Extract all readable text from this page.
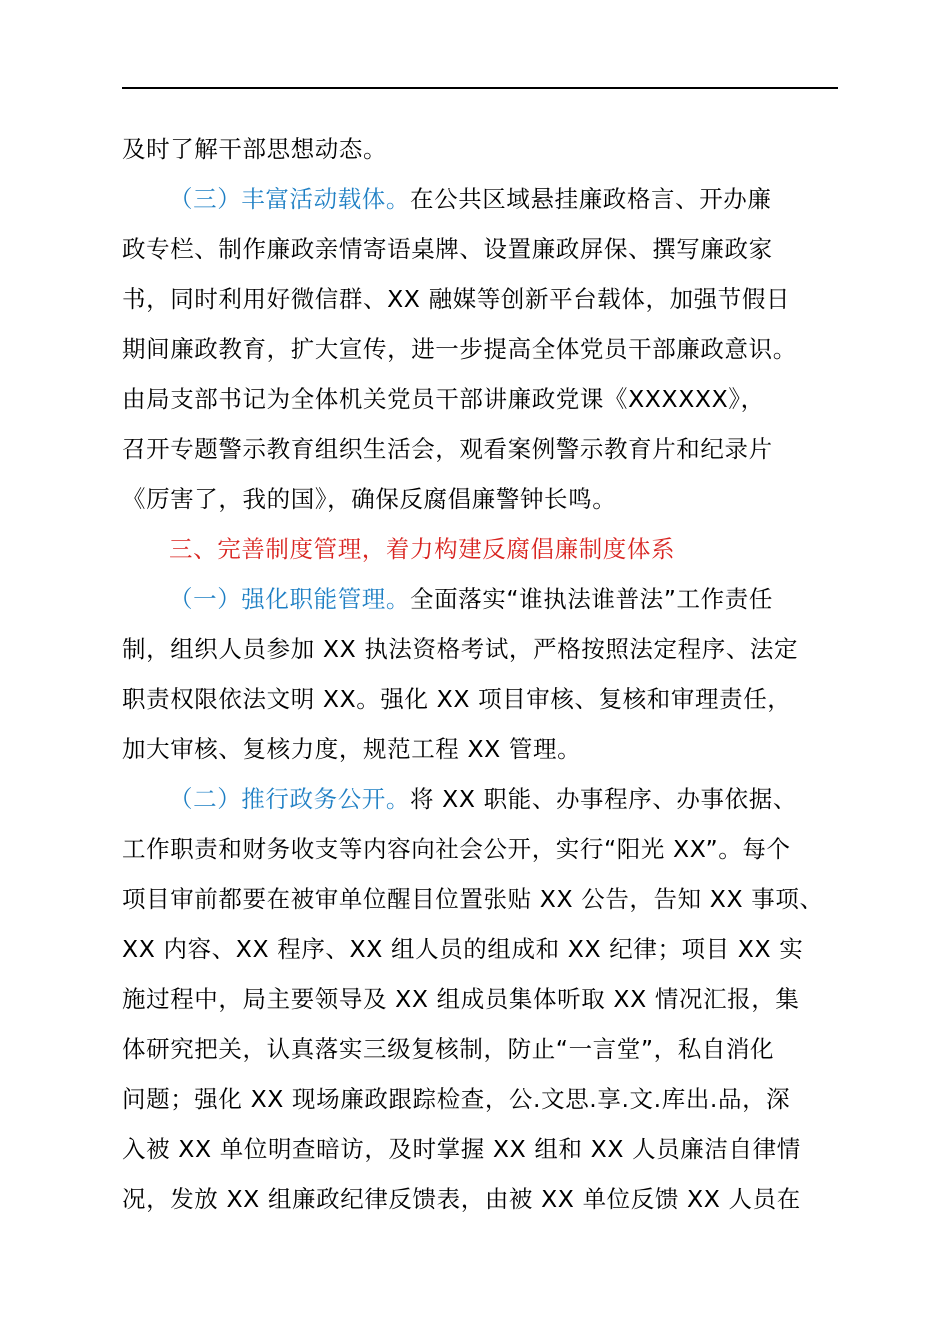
及时了解干部思想动态。
（三）丰富活动载体。在公共区域悬挂廉政格言、开办廉
政专栏、制作廉政亲情寄语桌牌、设置廉政屏保、撰写廉政家
书，同时利用好微信群、XX 融媒等创新平台载体，加强节假日
期间廉政教育，扩大宣传，进一步提高全体党员干部廉政意识。
由局支部书记为全体机关党员干部讲廉政党课《XXXXXX》，
召开专题警示教育组织生活会，观看案例警示教育片和纪录片
《厉害了，我的国》，确保反腐倡廉警钟长鸣。
三、完善制度管理，着力构建反腐倡廉制度体系
（一）强化职能管理。全面落实“谁执法谁普法”工作责任
制，组织人员参加 XX 执法资格考试，严格按照法定程序、法定
职责权限依法文明 XX。强化 XX 项目审核、复核和审理责任，
加大审核、复核力度，规范工程 XX 管理。
（二）推行政务公开。将 XX 职能、办事程序、办事依据、
工作职责和财务收支等内容向社会公开，实行“阳光 XX”。每个
项目审前都要在被审单位醒目位置张贴 XX 公告，告知 XX 事项、
XX 内容、XX 程序、XX 组人员的组成和 XX 纪律；项目 XX 实
施过程中，局主要领导及 XX 组成员集体听取 XX 情况汇报，集
体研究把关，认真落实三级复核制，防止“一言堂”，私自消化
问题；强化 XX 现场廉政跟踪检查，公.文思.享.文.库出.品，深
入被 XX 单位明查暗访，及时掌握 XX 组和 XX 人员廉洁自律情
况，发放 XX 组廉政纪律反馈表，由被 XX 单位反馈 XX 人员在
